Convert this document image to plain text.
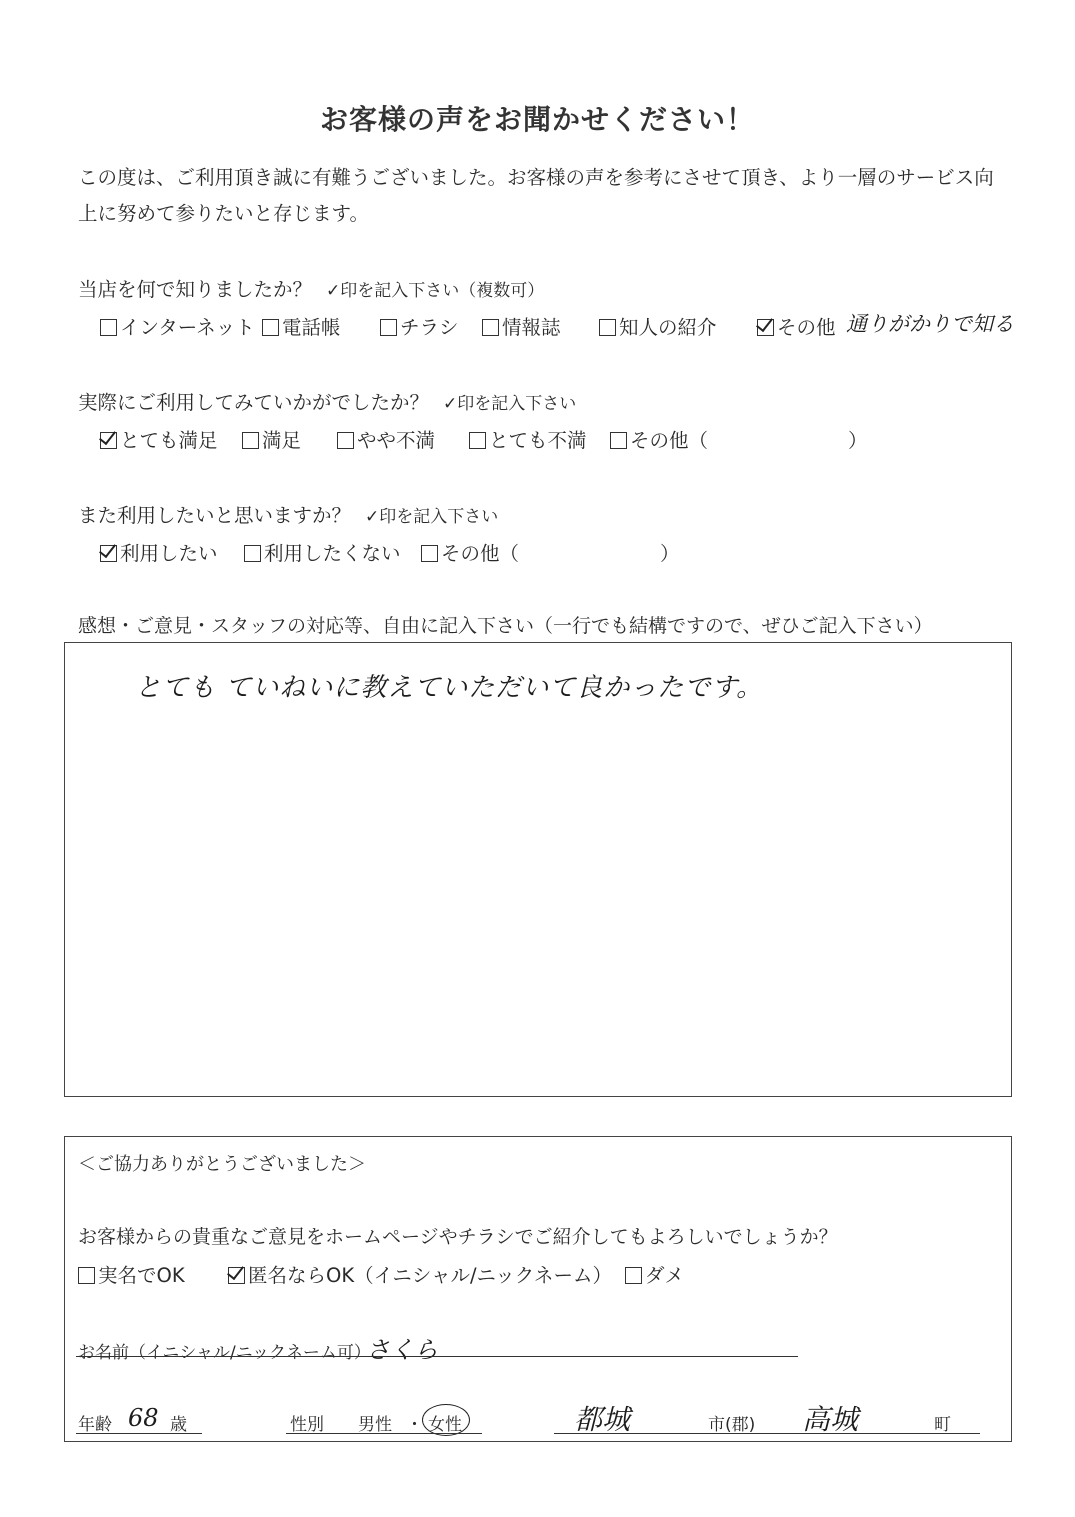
お客様の声をお聞かせください！
この度は、ご利用頂き誠に有難うございました。お客様の声を参考にさせて頂き、より一層のサービス向上に努めて参りたいと存じます。
当店を何で知りましたか？ ✓印を記入下さい（複数可）
インターネット	電話帳	チラシ	情報誌	知人の紹介	その他 通りがかりで知る
実際にご利用してみていかがでしたか？ ✓印を記入下さい
とても満足	満足	やや不満	とても不満	その他（	）
また利用したいと思いますか？ ✓印を記入下さい
利用したい	利用したくない	その他（	）
感想・ご意見・スタッフの対応等、自由に記入下さい（一行でも結構ですので、ぜひご記入下さい）
とても ていねいに教えていただいて良かったです。
＜ご協力ありがとうございました＞
お客様からの貴重なご意見をホームページやチラシでご紹介してもよろしいでしょうか？
実名でOK	匿名ならOK（イニシャル/ニックネーム）	ダメ
お名前（イニシャル/ニックネーム可）
さくら
年齢 68 歳	性別 男性 ・ 女性	都城	市(郡) 高城	町
